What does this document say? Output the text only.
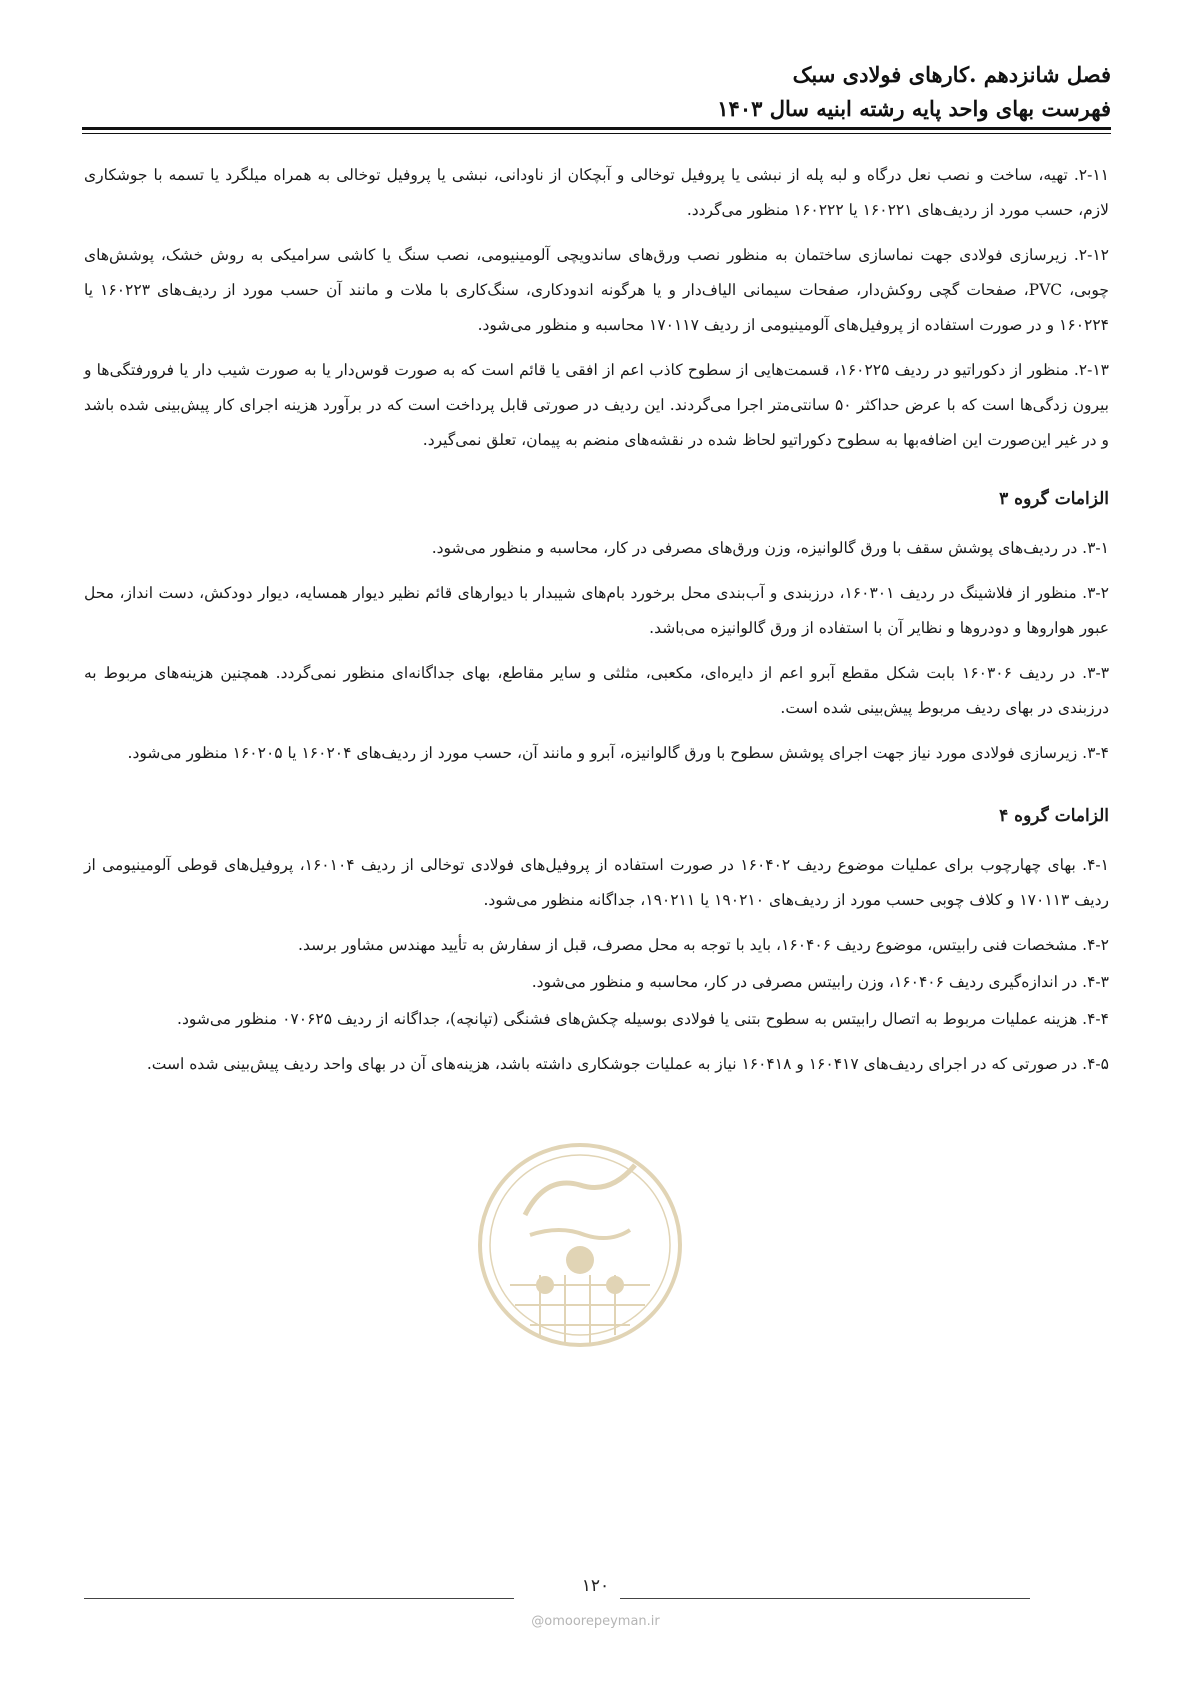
فصل شانزدهم .کارهای فولادی سبک
فهرست بهای واحد پایه رشته ابنیه سال ۱۴۰۳

۲-۱۱. تهیه، ساخت و نصب نعل درگاه و لبه پله از نبشی یا پروفیل توخالی و آبچکان از ناودانی، نبشی یا پروفیل توخالی به همراه میلگرد یا تسمه با جوشکاری لازم، حسب مورد از ردیف‌های ۱۶۰۲۲۱ یا ۱۶۰۲۲۲ منظور می‌گردد.

۲-۱۲. زیرسازی فولادی جهت نماسازی ساختمان به منظور نصب ورق‌های ساندویچی آلومینیومی، نصب سنگ یا کاشی سرامیکی به روش خشک، پوشش‌های چوبی، PVC، صفحات گچی روکش‌دار، صفحات سیمانی الیاف‌دار و یا هرگونه اندودکاری، سنگ‌کاری با ملات و مانند آن حسب مورد از ردیف‌های ۱۶۰۲۲۳ یا ۱۶۰۲۲۴ و در صورت استفاده از پروفیل‌های آلومینیومی از ردیف ۱۷۰۱۱۷ محاسبه و منظور می‌شود.

۲-۱۳. منظور از دکوراتیو در ردیف ۱۶۰۲۲۵، قسمت‌هایی از سطوح کاذب اعم از افقی یا قائم است که به صورت قوس‌دار یا به صورت شیب دار یا فرورفتگی‌ها و بیرون زدگی‌ها است که با عرض حداکثر ۵۰ سانتی‌متر اجرا می‌گردند. این ردیف در صورتی قابل پرداخت است که در برآورد هزینه اجرای کار پیش‌بینی شده باشد و در غیر این‌صورت این اضافه‌بها به سطوح دکوراتیو لحاظ شده در نقشه‌های منضم به پیمان، تعلق نمی‌گیرد.

الزامات گروه ۳

۳-۱. در ردیف‌های پوشش سقف با ورق گالوانیزه، وزن ورق‌های مصرفی در کار، محاسبه و منظور می‌شود.

۳-۲. منظور از فلاشینگ در ردیف ۱۶۰۳۰۱، درزبندی و آب‌بندی محل برخورد بام‌های شیبدار با دیوارهای قائم نظیر دیوار همسایه، دیوار دودکش، دست انداز، محل عبور هواروها و دودروها و نظایر آن با استفاده از ورق گالوانیزه می‌باشد.

۳-۳. در ردیف ۱۶۰۳۰۶ بابت شکل مقطع آبرو اعم از دایره‌ای، مکعبی، مثلثی و سایر مقاطع، بهای جداگانه‌ای منظور نمی‌گردد. همچنین هزینه‌های مربوط به درزبندی در بهای ردیف مربوط پیش‌بینی شده است.

۳-۴. زیرسازی فولادی مورد نیاز جهت اجرای پوشش سطوح با ورق گالوانیزه، آبرو و مانند آن، حسب مورد از ردیف‌های ۱۶۰۲۰۴ یا ۱۶۰۲۰۵ منظور می‌شود.

الزامات گروه ۴

۴-۱. بهای چهارچوب برای عملیات موضوع ردیف ۱۶۰۴۰۲ در صورت استفاده از پروفیل‌های فولادی توخالی از ردیف ۱۶۰۱۰۴، پروفیل‌های قوطی آلومینیومی از ردیف ۱۷۰۱۱۳ و کلاف چوبی حسب مورد از ردیف‌های ۱۹۰۲۱۰ یا ۱۹۰۲۱۱، جداگانه منظور می‌شود.

۴-۲. مشخصات فنی رابیتس، موضوع ردیف ۱۶۰۴۰۶، باید با توجه به محل مصرف، قبل از سفارش به تأیید مهندس مشاور برسد.

۴-۳. در اندازه‌گیری ردیف ۱۶۰۴۰۶، وزن رابیتس مصرفی در کار، محاسبه و منظور می‌شود.

۴-۴. هزینه عملیات مربوط به اتصال رابیتس به سطوح بتنی یا فولادی بوسیله چکش‌های فشنگی (تپانچه)، جداگانه از ردیف ۰۷۰۶۲۵ منظور می‌شود.

۴-۵. در صورتی که در اجرای ردیف‌های ۱۶۰۴۱۷ و ۱۶۰۴۱۸ نیاز به عملیات جوشکاری داشته باشد، هزینه‌های آن در بهای واحد ردیف پیش‌بینی شده است.

۱۲۰
@omoorepeyman.ir
